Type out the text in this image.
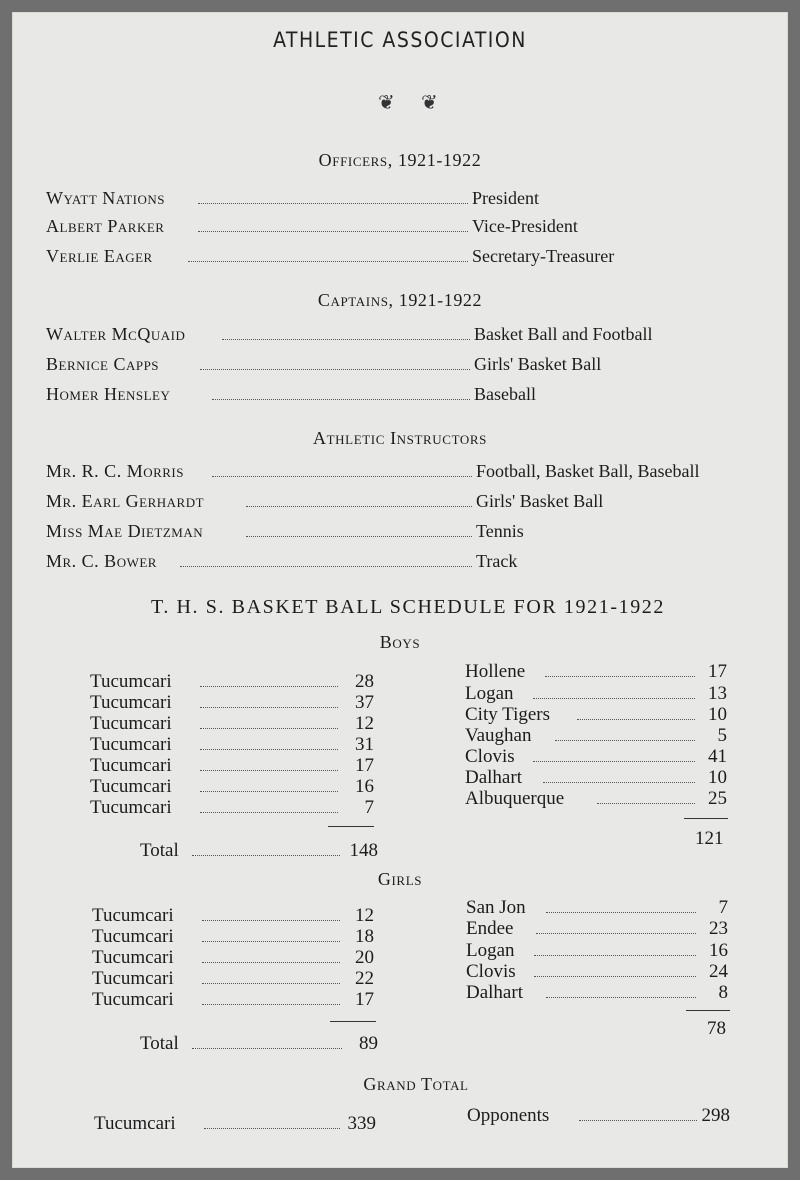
ATHLETIC ASSOCIATION
❦ ❦
Officers, 1921-1922
Wyatt Nations	President
Albert Parker	Vice-President
Verlie Eager	Secretary-Treasurer
Captains, 1921-1922
Walter McQuaid	Basket Ball and Football
Bernice Capps	Girls' Basket Ball
Homer Hensley	Baseball
Athletic Instructors
Mr. R. C. Morris	Football, Basket Ball, Baseball
Mr. Earl Gerhardt	Girls' Basket Ball
Miss Mae Dietzman	Tennis
Mr. C. Bower	Track
T. H. S. BASKET BALL SCHEDULE FOR 1921-1922
Boys
Tucumcari	28
Tucumcari	37
Tucumcari	12
Tucumcari	31
Tucumcari	17
Tucumcari	16
Tucumcari	7
Hollene	17
Logan	13
City Tigers	10
Vaughan	5
Clovis	41
Dalhart	10
Albuquerque	25
Total	148
121
Girls
Tucumcari	12
Tucumcari	18
Tucumcari	20
Tucumcari	22
Tucumcari	17
San Jon	7
Endee	23
Logan	16
Clovis	24
Dalhart	8
Total	89
78
Grand Total
Tucumcari	339	Opponents	298
